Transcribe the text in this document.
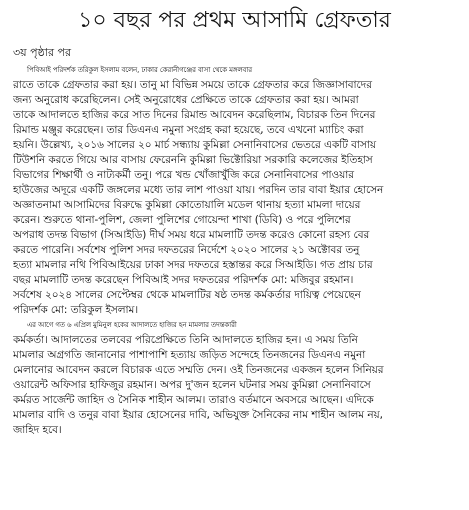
১০ বছর পর প্রথম আসামি গ্রেফতার
৩য় পৃষ্ঠার পর
পিবিআই পরিদর্শক তরিকুল ইসলাম বলেন, ঢাকার কেরানীগঞ্জের বাসা থেকে মঙ্গলবার
রাতে তাকে গ্রেফতার করা হয়। তানু মা বিভিন্ন সময়ে তাকে গ্রেফতার করে জিজ্ঞাসাবাদের
জন্য অনুরোধ করেছিলেন। সেই অনুরোধের প্রেক্ষিতে তাকে গ্রেফতার করা হয়। আমরা
তাকে আদালতে হাজির করে সাত দিনের রিমান্ড আবেদন করেছিলাম, বিচারক তিন দিনের
রিমান্ড মঞ্জুর করেছেন। তার ডিএনএ নমুনা সংগ্রহ করা হয়েছে, তবে এখনো ম্যাচিং করা
হয়নি। উল্লেখ্য, ২০১৬ সালের ২০ মার্চ সন্ধ্যায় কুমিল্লা সেনানিবাসের ভেতরে একটি বাসায়
টিউশনি করতে গিয়ে আর বাসায় ফেরেননি কুমিল্লা ভিক্টোরিয়া সরকারি কলেজের ইতিহাস
বিভাগের শিক্ষার্থী ও নাট্যকর্মী তনু। পরে খন্ড খোঁজাখুঁজি করে সেনানিবাসের পাওয়ার
হাউজের অদূরে একটি জঙ্গলের মধ্যে তার লাশ পাওয়া যায়। পরদিন তার বাবা ইয়ার হোসেন
অজ্ঞাতনামা আসামিদের বিরুদ্ধে কুমিল্লা কোতোয়ালি মডেল থানায় হত্যা মামলা দায়ের
করেন। শুরুতে থানা-পুলিশ, জেলা পুলিশের গোয়েন্দা শাখা (ডিবি) ও পরে পুলিশের
অপরাধ তদন্ত বিভাগ (সিআইডি) দীর্ঘ সময় ধরে মামলাটি তদন্ত করেও কোনো রহস্য বের
করতে পারেনি। সর্বশেষ পুলিশ সদর দফতরের নির্দেশে ২০২০ সালের ২১ অক্টোবর তনু
হত্যা মামলার নথি পিবিআইয়ের ঢাকা সদর দফতরে হস্তান্তর করে সিআইডি। গত প্রায় চার
বছর মামলাটি তদন্ত করেছেন পিবিআই সদর দফতরের পরিদর্শক মো: মজিবুর রহমান।
সর্বশেষ ২০২৪ সালের সেপ্টেম্বর থেকে মামলাটির ষষ্ঠ তদন্ত কর্মকর্তার দায়িত্ব পেয়েছেন
পরিদর্শক মো: তরিকুল ইসলাম।
এর আগে গত ৬ এপ্রিল মুমিনুল হকের আদালতে হাজির হন মামলার তদন্তকারী
কর্মকর্তা। আদালতের তলবের পরিপ্রেক্ষিতে তিনি আদালতে হাজির হন। এ সময় তিনি
মামলার অগ্রগতি জানানোর পাশাপাশি হত্যায় জড়িত সন্দেহে তিনজনের ডিএনএ নমুনা
মেলানোর আবেদন করলে বিচারক এতে সম্মতি দেন। ওই তিনজনের একজন হলেন সিনিয়র
ওয়ারেন্ট অফিসার হাফিজুর রহমান। অপর দু'জন হলেন ঘটনার সময় কুমিল্লা সেনানিবাসে
কর্মরত সার্জেন্ট জাহিদ ও সৈনিক শাহীন আলম। তারাও বর্তমানে অবসরে আছেন। এদিকে
মামলার বাদি ও তনুর বাবা ইয়ার হোসেনের দাবি, অভিযুক্ত সৈনিকের নাম শাহীন আলম নয়,
জাহিদ হবে।
